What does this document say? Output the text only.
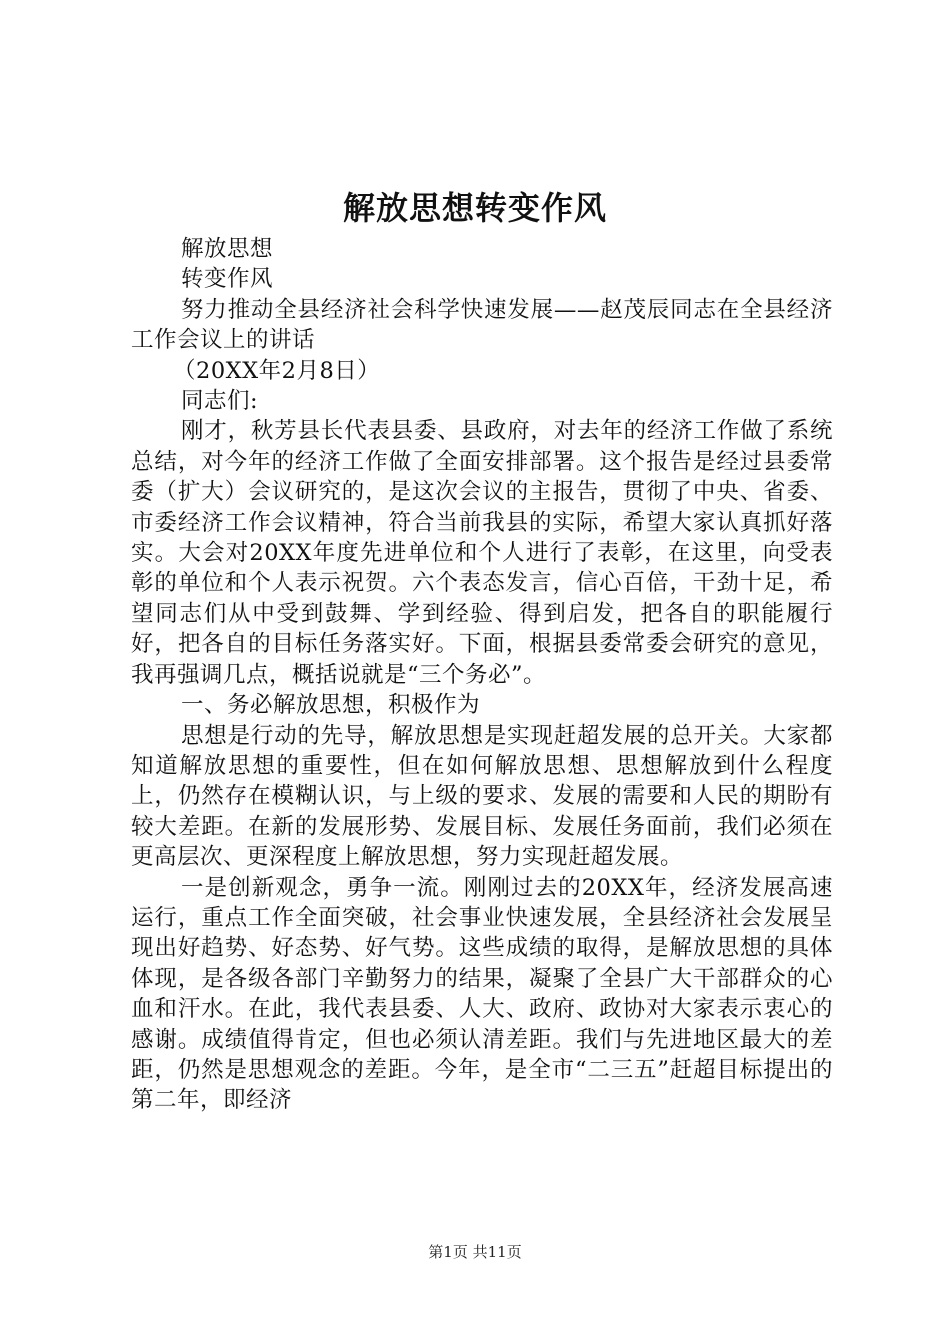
解放思想转变作风

解放思想

转变作风

努力推动全县经济社会科学快速发展——赵茂辰同志在全县经济工作会议上的讲话

（20XX年2月8日）

同志们:

刚才，秋芳县长代表县委、县政府，对去年的经济工作做了系统总结，对今年的经济工作做了全面安排部署。这个报告是经过县委常委（扩大）会议研究的，是这次会议的主报告，贯彻了中央、省委、市委经济工作会议精神，符合当前我县的实际，希望大家认真抓好落实。大会对20XX年度先进单位和个人进行了表彰，在这里，向受表彰的单位和个人表示祝贺。六个表态发言，信心百倍，干劲十足，希望同志们从中受到鼓舞、学到经验、得到启发，把各自的职能履行好，把各自的目标任务落实好。下面，根据县委常委会研究的意见，我再强调几点，概括说就是“三个务必”。

一、务必解放思想，积极作为

思想是行动的先导，解放思想是实现赶超发展的总开关。大家都知道解放思想的重要性，但在如何解放思想、思想解放到什么程度上，仍然存在模糊认识，与上级的要求、发展的需要和人民的期盼有较大差距。在新的发展形势、发展目标、发展任务面前，我们必须在更高层次、更深程度上解放思想，努力实现赶超发展。

一是创新观念，勇争一流。刚刚过去的20XX年，经济发展高速运行，重点工作全面突破，社会事业快速发展，全县经济社会发展呈现出好趋势、好态势、好气势。这些成绩的取得，是解放思想的具体体现，是各级各部门辛勤努力的结果，凝聚了全县广大干部群众的心血和汗水。在此，我代表县委、人大、政府、政协对大家表示衷心的感谢。成绩值得肯定，但也必须认清差距。我们与先进地区最大的差距，仍然是思想观念的差距。今年，是全市“二三五”赶超目标提出的第二年，即经济

第1页 共11页
